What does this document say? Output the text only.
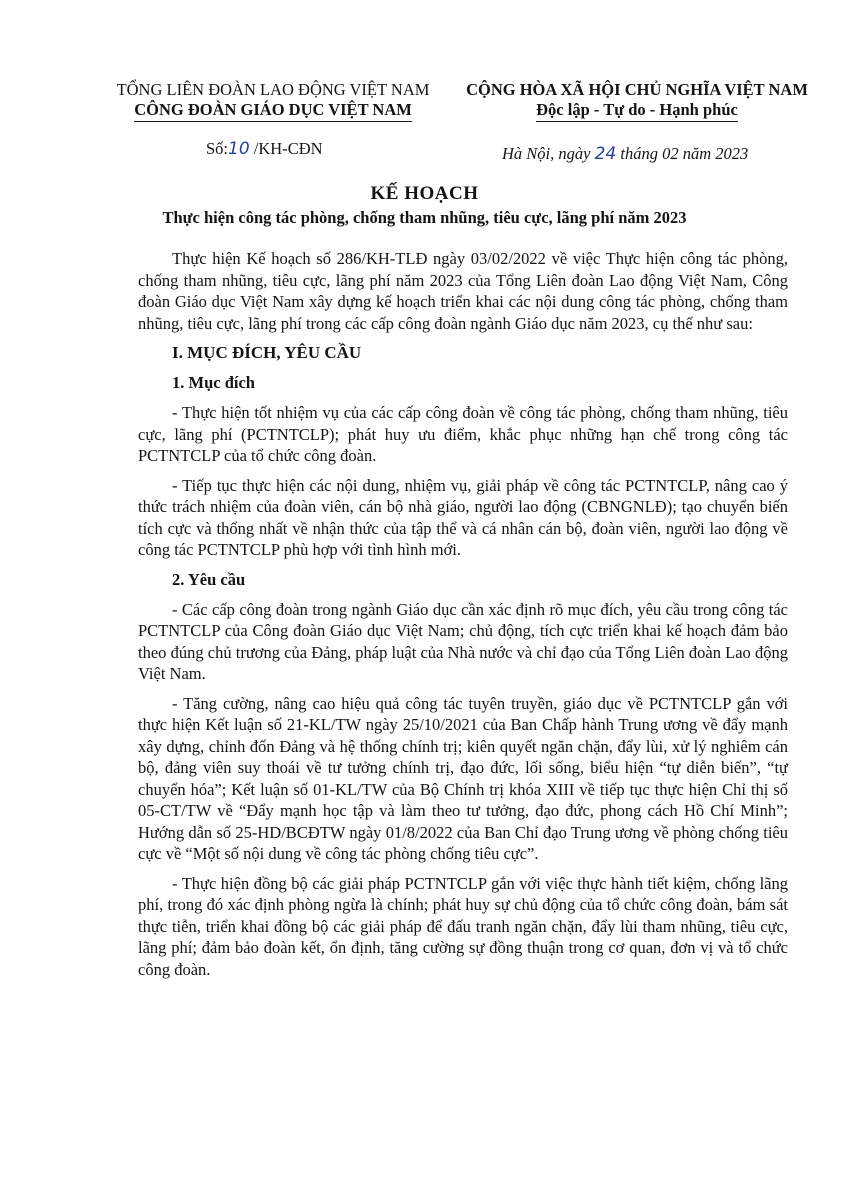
TỔNG LIÊN ĐOÀN LAO ĐỘNG VIỆT NAM
CÔNG ĐOÀN GIÁO DỤC VIỆT NAM
CỘNG HÒA XÃ HỘI CHỦ NGHĨA VIỆT NAM
Độc lập - Tự do - Hạnh phúc
Số:10 /KH-CĐN	Hà Nội, ngày 24 tháng 02 năm 2023
KẾ HOẠCH
Thực hiện công tác phòng, chống tham nhũng, tiêu cực, lãng phí năm 2023

Thực hiện Kế hoạch số 286/KH-TLĐ ngày 03/02/2022 về việc Thực hiện công tác phòng, chống tham nhũng, tiêu cực, lãng phí năm 2023 của Tổng Liên đoàn Lao động Việt Nam, Công đoàn Giáo dục Việt Nam xây dựng kế hoạch triển khai các nội dung công tác phòng, chống tham nhũng, tiêu cực, lãng phí trong các cấp công đoàn ngành Giáo dục năm 2023, cụ thể như sau:

I. MỤC ĐÍCH, YÊU CẦU
1. Mục đích

- Thực hiện tốt nhiệm vụ của các cấp công đoàn về công tác phòng, chống tham nhũng, tiêu cực, lãng phí (PCTNTCLP); phát huy ưu điểm, khắc phục những hạn chế trong công tác PCTNTCLP của tổ chức công đoàn.

- Tiếp tục thực hiện các nội dung, nhiệm vụ, giải pháp về công tác PCTNTCLP, nâng cao ý thức trách nhiệm của đoàn viên, cán bộ nhà giáo, người lao động (CBNGNLĐ); tạo chuyển biến tích cực và thống nhất về nhận thức của tập thể và cá nhân cán bộ, đoàn viên, người lao động về công tác PCTNTCLP phù hợp với tình hình mới.

2. Yêu cầu

- Các cấp công đoàn trong ngành Giáo dục cần xác định rõ mục đích, yêu cầu trong công tác PCTNTCLP của Công đoàn Giáo dục Việt Nam; chủ động, tích cực triển khai kế hoạch đảm bảo theo đúng chủ trương của Đảng, pháp luật của Nhà nước và chỉ đạo của Tổng Liên đoàn Lao động Việt Nam.

- Tăng cường, nâng cao hiệu quả công tác tuyên truyền, giáo dục về PCTNTCLP gắn với thực hiện Kết luận số 21-KL/TW ngày 25/10/2021 của Ban Chấp hành Trung ương về đẩy mạnh xây dựng, chỉnh đốn Đảng và hệ thống chính trị; kiên quyết ngăn chặn, đẩy lùi, xử lý nghiêm cán bộ, đảng viên suy thoái về tư tưởng chính trị, đạo đức, lối sống, biểu hiện “tự diễn biến”, “tự chuyển hóa”; Kết luận số 01-KL/TW của Bộ Chính trị khóa XIII về tiếp tục thực hiện Chỉ thị số 05-CT/TW về “Đẩy mạnh học tập và làm theo tư tưởng, đạo đức, phong cách Hồ Chí Minh”; Hướng dẫn số 25-HD/BCĐTW ngày 01/8/2022 của Ban Chỉ đạo Trung ương về phòng chống tiêu cực về “Một số nội dung về công tác phòng chống tiêu cực”.

- Thực hiện đồng bộ các giải pháp PCTNTCLP gắn với việc thực hành tiết kiệm, chống lãng phí, trong đó xác định phòng ngừa là chính; phát huy sự chủ động của tổ chức công đoàn, bám sát thực tiễn, triển khai đồng bộ các giải pháp để đấu tranh ngăn chặn, đẩy lùi tham nhũng, tiêu cực, lãng phí; đảm bảo đoàn kết, ổn định, tăng cường sự đồng thuận trong cơ quan, đơn vị và tổ chức công đoàn.
